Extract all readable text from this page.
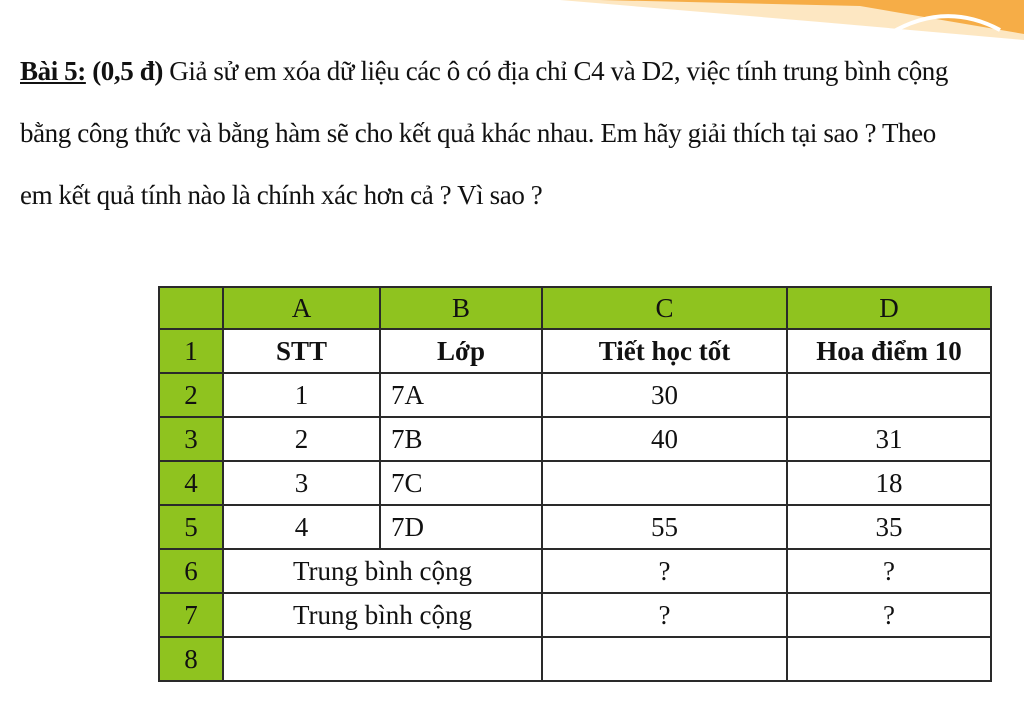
Bài 5: (0,5 đ) Giả sử em xóa dữ liệu các ô có địa chỉ C4 và D2, việc tính trung bình cộng
bằng công thức và bằng hàm sẽ cho kết quả khác nhau. Em hãy giải thích tại sao ? Theo
em kết quả tính nào là chính xác hơn cả ? Vì sao ?
	A	B	C	D
1	STT	Lớp	Tiết học tốt	Hoa điểm 10
2	1	7A	30	
3	2	7B	40	31
4	3	7C		18
5	4	7D	55	35
6	Trung bình cộng		?	?
7	Trung bình cộng		?	?
8				
